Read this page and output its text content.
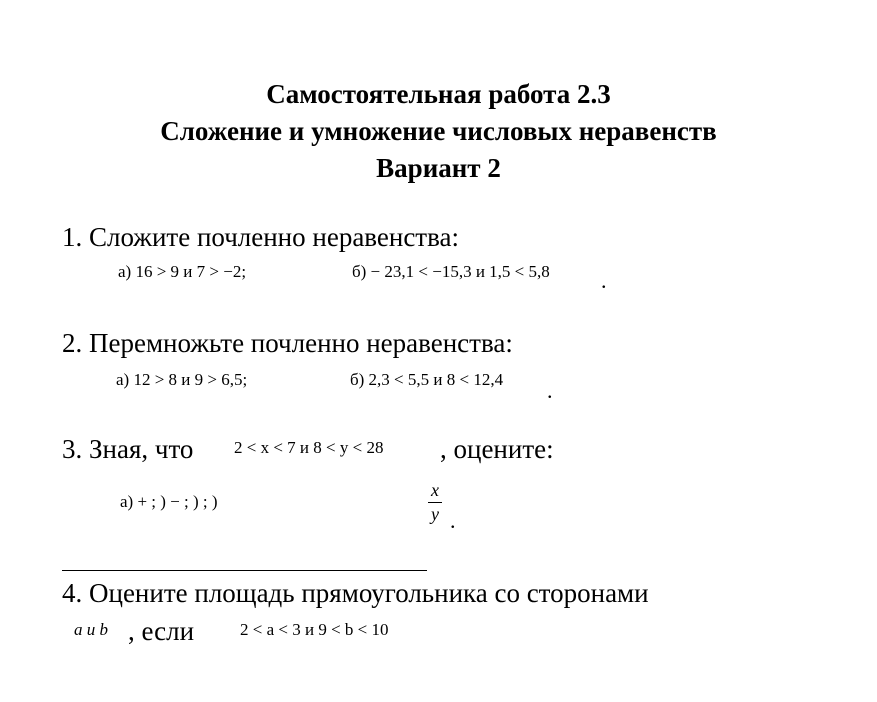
Самостоятельная работа 2.3
Сложение и умножение числовых неравенств
Вариант 2
1. Сложите почленно неравенства:
а) 16 > 9 и 7 > −2;	б) − 23,1 < −15,3 и 1,5 < 5,8 .
2. Перемножьте почленно неравенства:
а) 12 > 8 и 9 > 6,5;	б) 2,3 < 5,5 и 8 < 12,4 .
3. Зная, что 2 < x < 7 и 8 < y < 28 , оцените:
а) + ; ) − ; ) ; )
x
y .
4. Оцените площадь прямоугольника со сторонами
a и b , если	2 < a < 3 и 9 < b < 10
